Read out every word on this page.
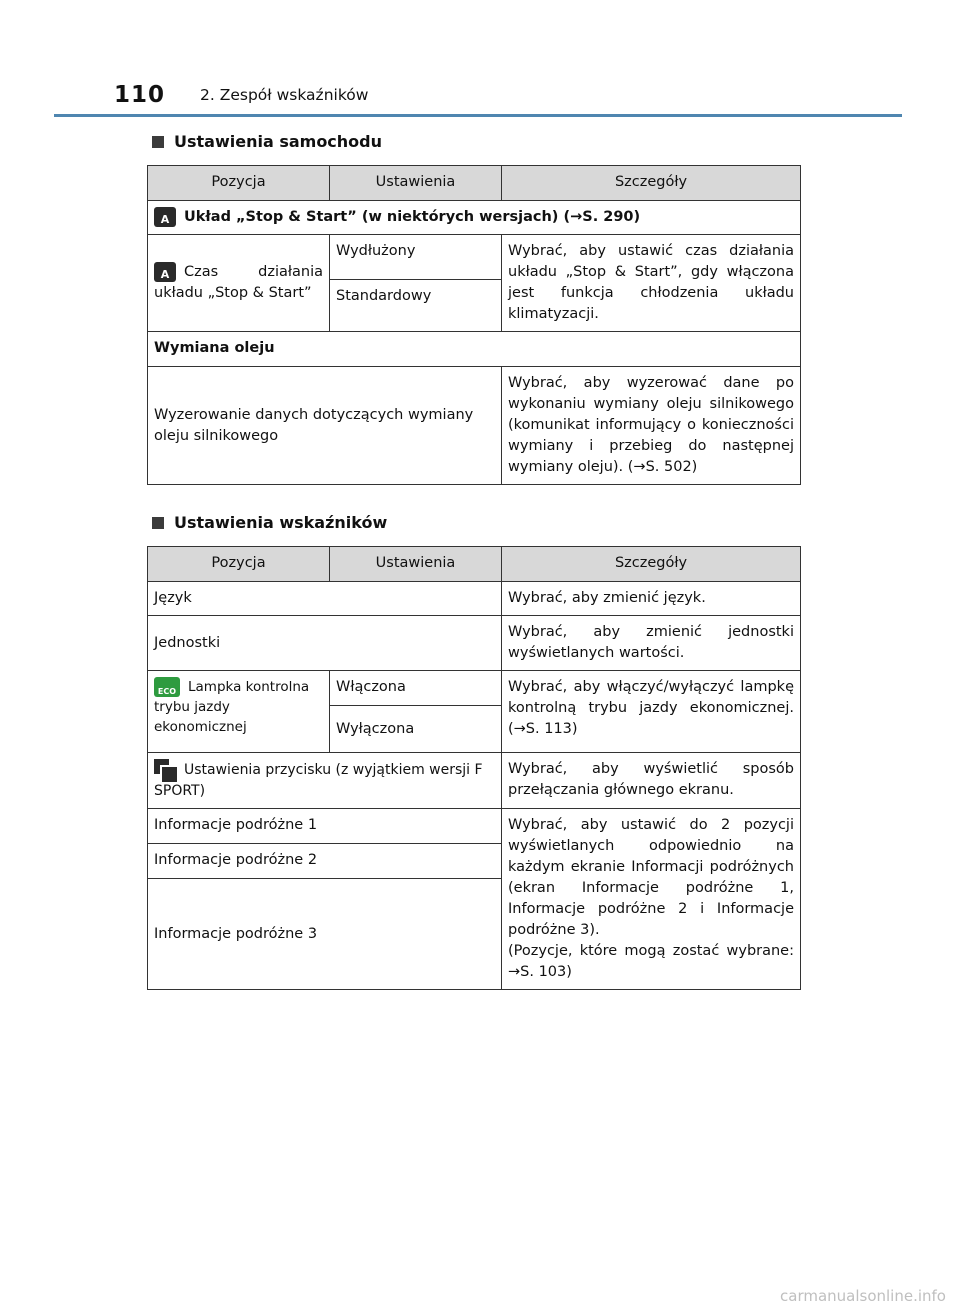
110 2. Zespół wskaźników
Ustawienia samochodu
Pozycja	Ustawienia	Szczegóły
AUkład „Stop & Start” (w niektórych wersjach) (→S. 290)
ACzas działania układu „Stop & Start”	Wydłużony	Wybrać, aby ustawić czas działania układu „Stop & Start”, gdy włączona jest funkcja chłodzenia układu klimatyzacji.
	Standardowy	
Wymiana oleju		
Wyzerowanie danych dotyczących wymiany oleju silnikowego		Wybrać, aby wyzerować dane po wykonaniu wymiany oleju silnikowego (komunikat informujący o konieczności wymiany i przebieg do następnej wymiany oleju). (→S. 502)
Ustawienia wskaźników
Pozycja	Ustawienia	Szczegóły
Język		Wybrać, aby zmienić język.
Jednostki		Wybrać, aby zmienić jednostki wyświetlanych wartości.
ECOLampka kontrolna trybu jazdy ekonomicznej	Włączona	Wybrać, aby włączyć/wyłączyć lampkę kontrolną trybu jazdy ekonomicznej. (→S. 113)
	Wyłączona	
Ustawienia przycisku (z wyjątkiem wersji F SPORT)		Wybrać, aby wyświetlić sposób przełączania głównego ekranu.
Informacje podróżne 1		Wybrać, aby ustawić do 2 pozycji wyświetlanych odpowiednio na każdym ekranie Informacji podróżnych (ekran Informacje podróżne 1, Informacje podróżne 2 i Informacje podróżne 3).
(Pozycje, które mogą zostać wybrane: →S. 103)
Informacje podróżne 2		
Informacje podróżne 3		
carmanualsonline.info
